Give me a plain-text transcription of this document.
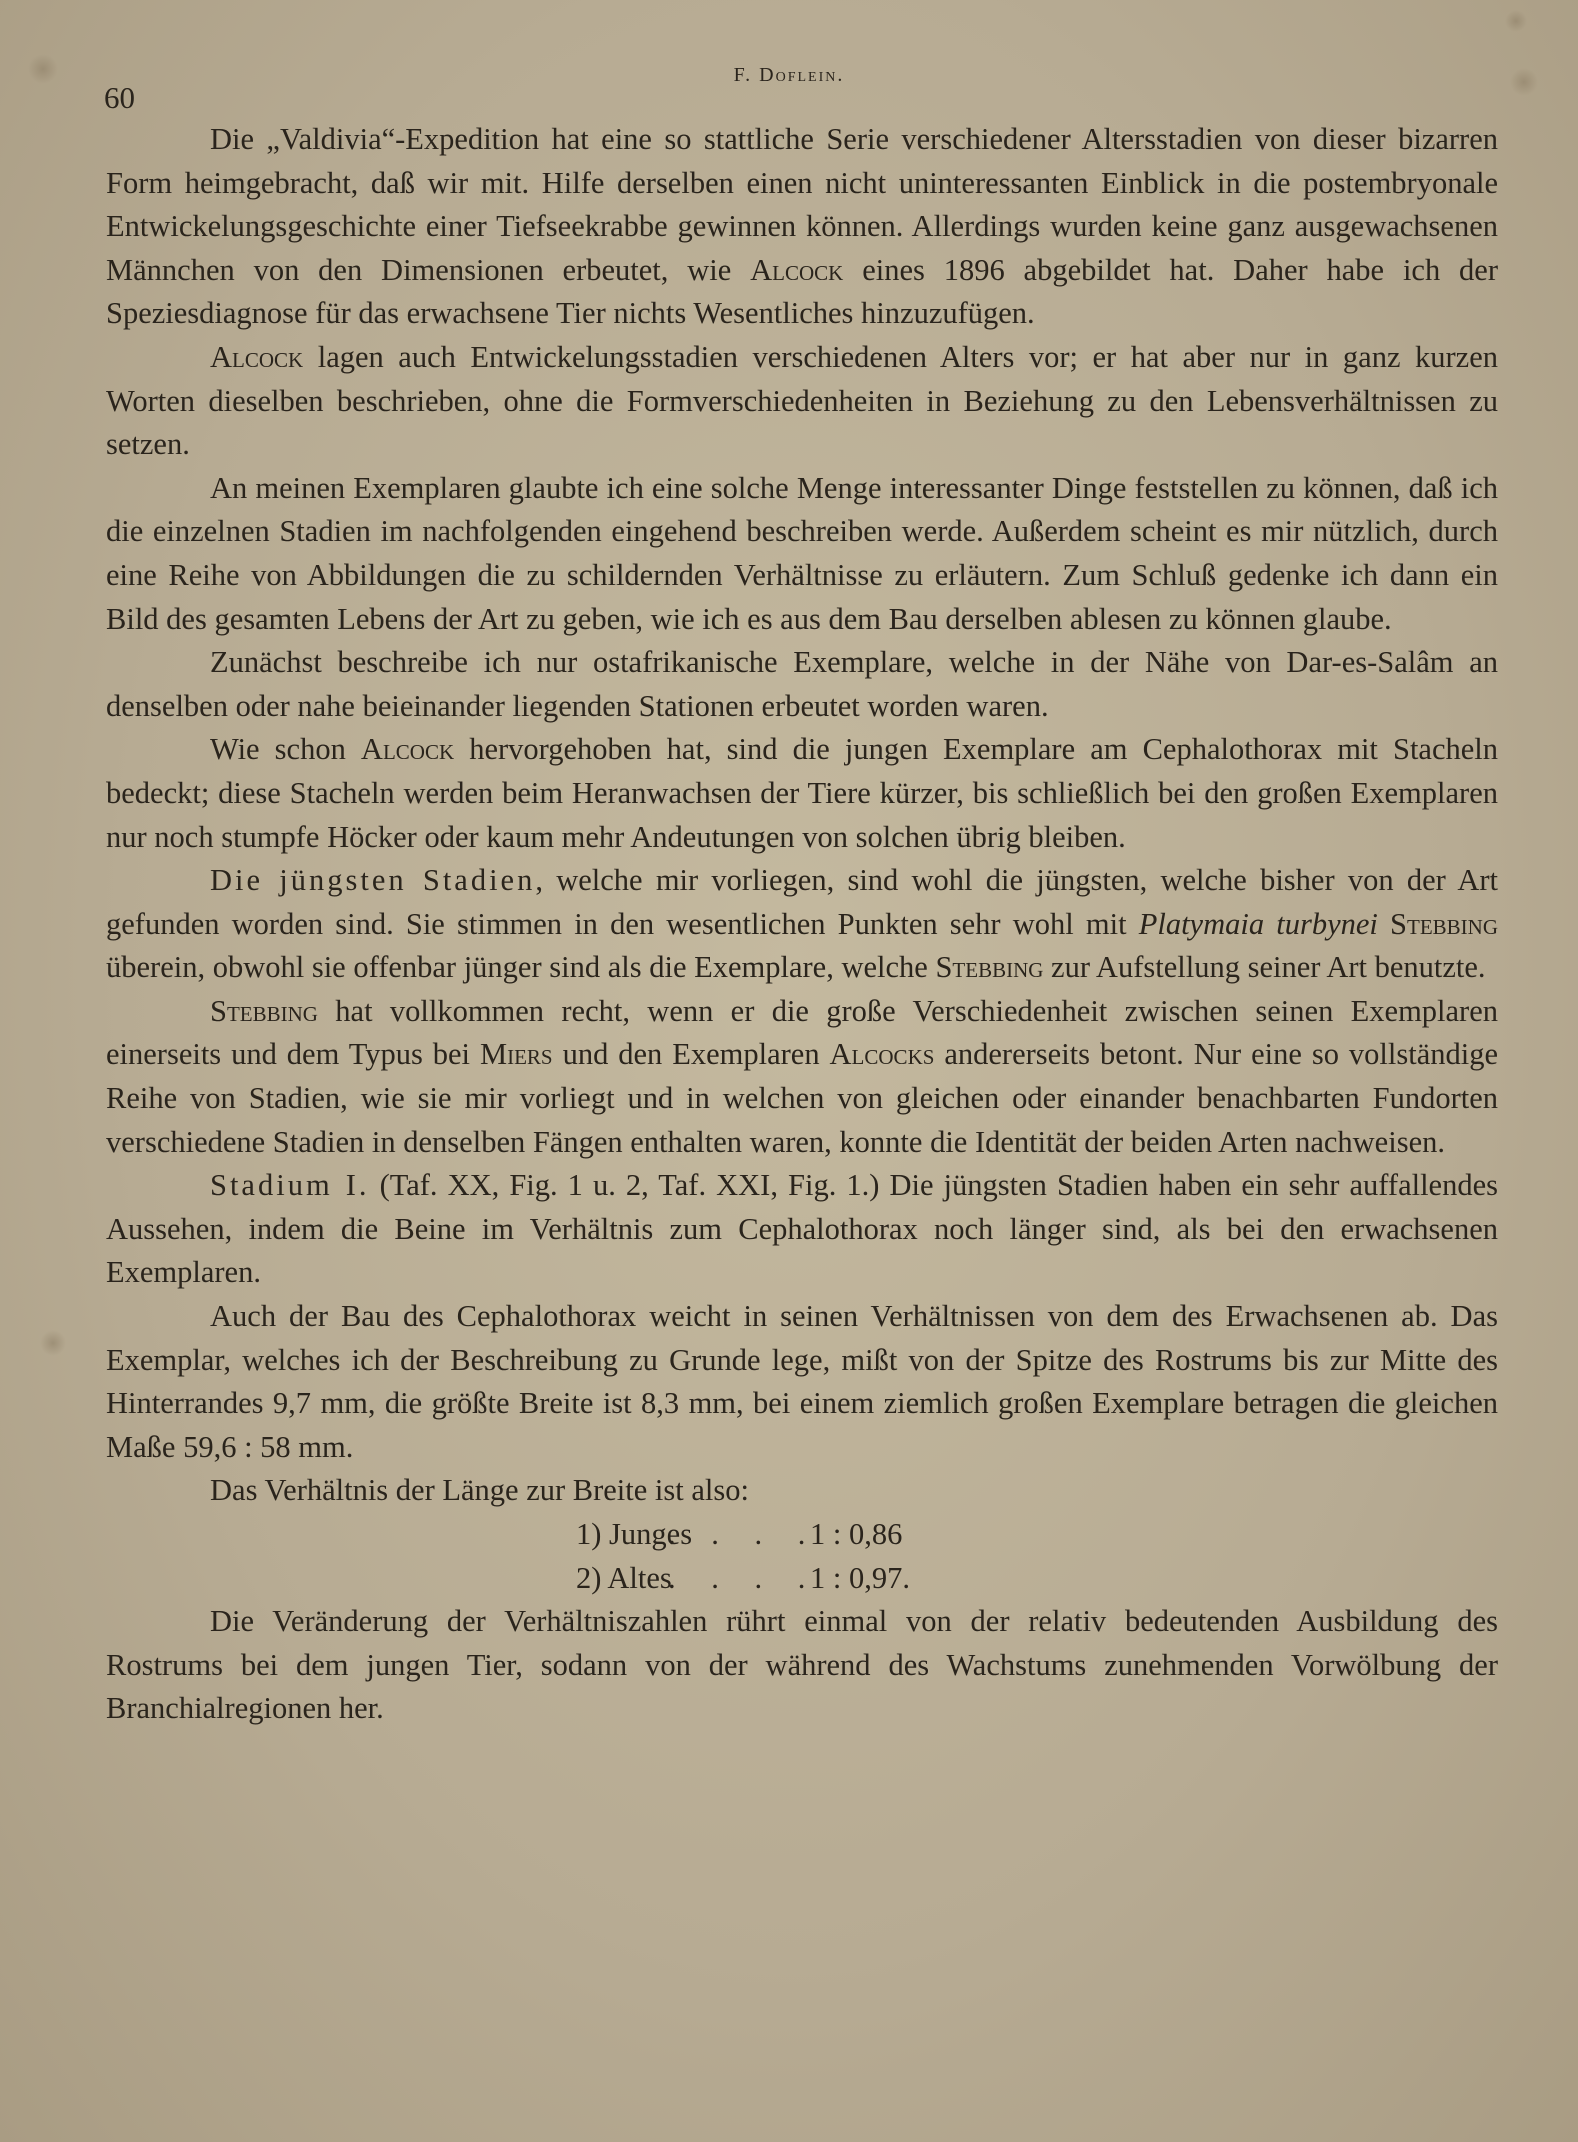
60
F. Doflein.

Die „Valdivia“-Expedition hat eine so stattliche Serie verschiedener Altersstadien von dieser bizarren Form heimgebracht, daß wir mit. Hilfe derselben einen nicht uninteressanten Einblick in die postembryonale Entwickelungsgeschichte einer Tiefseekrabbe gewinnen können. Allerdings wurden keine ganz ausgewachsenen Männchen von den Dimensionen erbeutet, wie Alcock eines 1896 abgebildet hat. Daher habe ich der Speziesdiagnose für das erwachsene Tier nichts Wesentliches hinzuzufügen.

Alcock lagen auch Entwickelungsstadien verschiedenen Alters vor; er hat aber nur in ganz kurzen Worten dieselben beschrieben, ohne die Formverschiedenheiten in Beziehung zu den Lebensverhältnissen zu setzen.

An meinen Exemplaren glaubte ich eine solche Menge interessanter Dinge feststellen zu können, daß ich die einzelnen Stadien im nachfolgenden eingehend beschreiben werde. Außerdem scheint es mir nützlich, durch eine Reihe von Abbildungen die zu schildernden Verhältnisse zu erläutern. Zum Schluß gedenke ich dann ein Bild des gesamten Lebens der Art zu geben, wie ich es aus dem Bau derselben ablesen zu können glaube.

Zunächst beschreibe ich nur ostafrikanische Exemplare, welche in der Nähe von Dar-es-Salâm an denselben oder nahe beieinander liegenden Stationen erbeutet worden waren.

Wie schon Alcock hervorgehoben hat, sind die jungen Exemplare am Cephalothorax mit Stacheln bedeckt; diese Stacheln werden beim Heranwachsen der Tiere kürzer, bis schließlich bei den großen Exemplaren nur noch stumpfe Höcker oder kaum mehr Andeutungen von solchen übrig bleiben.

Die jüngsten Stadien, welche mir vorliegen, sind wohl die jüngsten, welche bisher von der Art gefunden worden sind. Sie stimmen in den wesentlichen Punkten sehr wohl mit Platymaia turbynei Stebbing überein, obwohl sie offenbar jünger sind als die Exemplare, welche Stebbing zur Aufstellung seiner Art benutzte.

Stebbing hat vollkommen recht, wenn er die große Verschiedenheit zwischen seinen Exemplaren einerseits und dem Typus bei Miers und den Exemplaren Alcocks andererseits betont. Nur eine so vollständige Reihe von Stadien, wie sie mir vorliegt und in welchen von gleichen oder einander benachbarten Fundorten verschiedene Stadien in denselben Fängen enthalten waren, konnte die Identität der beiden Arten nachweisen.

Stadium I. (Taf. XX, Fig. 1 u. 2, Taf. XXI, Fig. 1.) Die jüngsten Stadien haben ein sehr auffallendes Aussehen, indem die Beine im Verhältnis zum Cephalothorax noch länger sind, als bei den erwachsenen Exemplaren.

Auch der Bau des Cephalothorax weicht in seinen Verhältnissen von dem des Erwachsenen ab. Das Exemplar, welches ich der Beschreibung zu Grunde lege, mißt von der Spitze des Rostrums bis zur Mitte des Hinterrandes 9,7 mm, die größte Breite ist 8,3 mm, bei einem ziemlich großen Exemplare betragen die gleichen Maße 59,6 : 58 mm.

Das Verhältnis der Länge zur Breite ist also:

1) Junges. . . .1 : 0,86
2) Altes. . . .1 : 0,97.

Die Veränderung der Verhältniszahlen rührt einmal von der relativ bedeutenden Ausbildung des Rostrums bei dem jungen Tier, sodann von der während des Wachstums zunehmenden Vorwölbung der Branchialregionen her.
